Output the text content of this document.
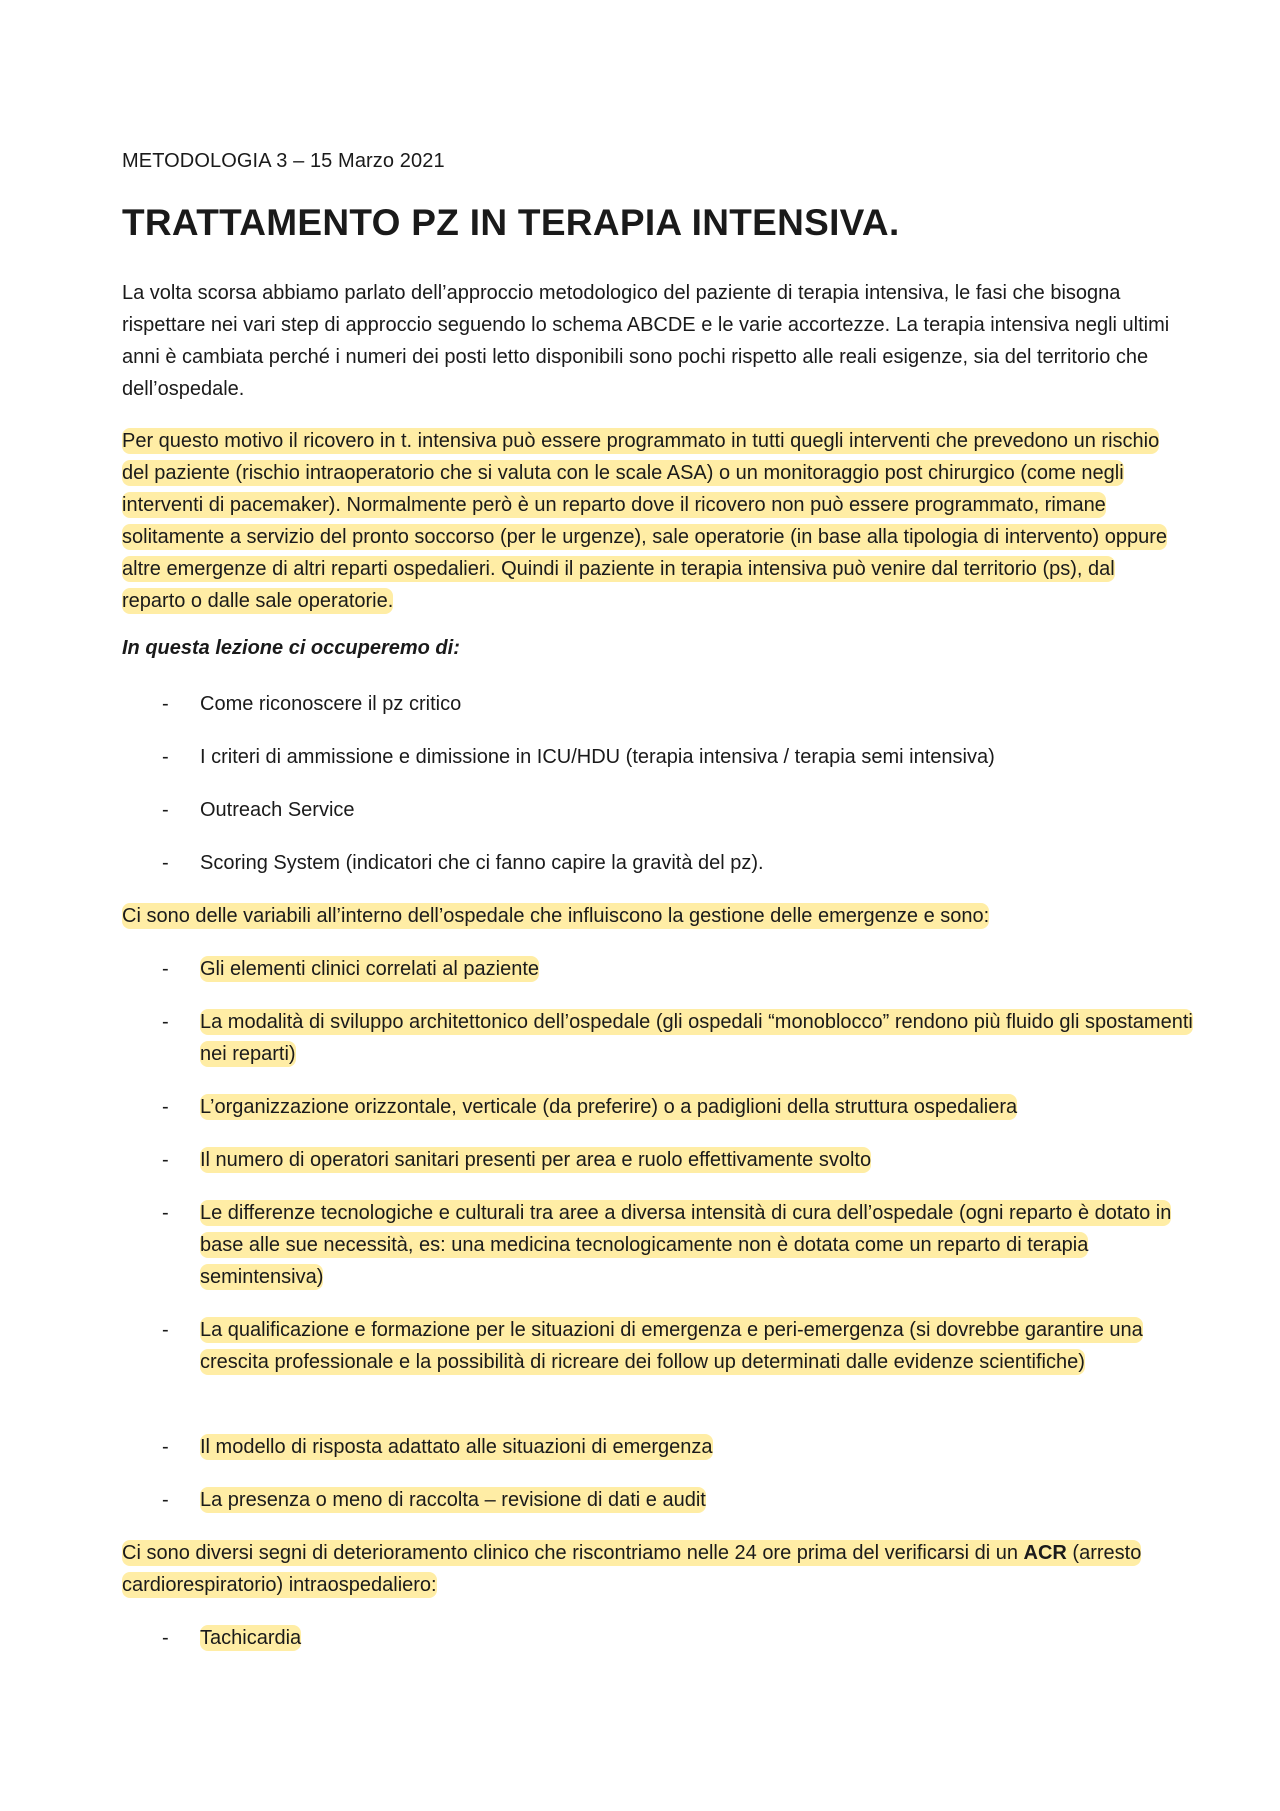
METODOLOGIA 3 – 15 Marzo 2021
TRATTAMENTO PZ IN TERAPIA INTENSIVA.

La volta scorsa abbiamo parlato dell’approccio metodologico del paziente di terapia intensiva, le fasi che bisogna rispettare nei vari step di approccio seguendo lo schema ABCDE e le varie accortezze. La terapia intensiva negli ultimi anni è cambiata perché i numeri dei posti letto disponibili sono pochi rispetto alle reali esigenze, sia del territorio che dell’ospedale.

Per questo motivo il ricovero in t. intensiva può essere programmato in tutti quegli interventi che prevedono un rischio del paziente (rischio intraoperatorio che si valuta con le scale ASA) o un monitoraggio post chirurgico (come negli interventi di pacemaker). Normalmente però è un reparto dove il ricovero non può essere programmato, rimane solitamente a servizio del pronto soccorso (per le urgenze), sale operatorie (in base alla tipologia di intervento) oppure altre emergenze di altri reparti ospedalieri. Quindi il paziente in terapia intensiva può venire dal territorio (ps), dal reparto o dalle sale operatorie.

In questa lezione ci occuperemo di:
- Come riconoscere il pz critico
- I criteri di ammissione e dimissione in ICU/HDU (terapia intensiva / terapia semi intensiva)
- Outreach Service
- Scoring System (indicatori che ci fanno capire la gravità del pz).

Ci sono delle variabili all’interno dell’ospedale che influiscono la gestione delle emergenze e sono:

- Gli elementi clinici correlati al paziente
- La modalità di sviluppo architettonico dell’ospedale (gli ospedali “monoblocco” rendono più fluido gli spostamenti nei reparti)
- L’organizzazione orizzontale, verticale (da preferire) o a padiglioni della struttura ospedaliera
- Il numero di operatori sanitari presenti per area e ruolo effettivamente svolto
- Le differenze tecnologiche e culturali tra aree a diversa intensità di cura dell’ospedale (ogni reparto è dotato in base alle sue necessità, es: una medicina tecnologicamente non è dotata come un reparto di terapia semintensiva)
- La qualificazione e formazione per le situazioni di emergenza e peri-emergenza (si dovrebbe garantire una crescita professionale e la possibilità di ricreare dei follow up determinati dalle evidenze scientifiche)
- Il modello di risposta adattato alle situazioni di emergenza
- La presenza o meno di raccolta – revisione di dati e audit

Ci sono diversi segni di deterioramento clinico che riscontriamo nelle 24 ore prima del verificarsi di un ACR (arresto cardiorespiratorio) intraospedaliero:

- Tachicardia
